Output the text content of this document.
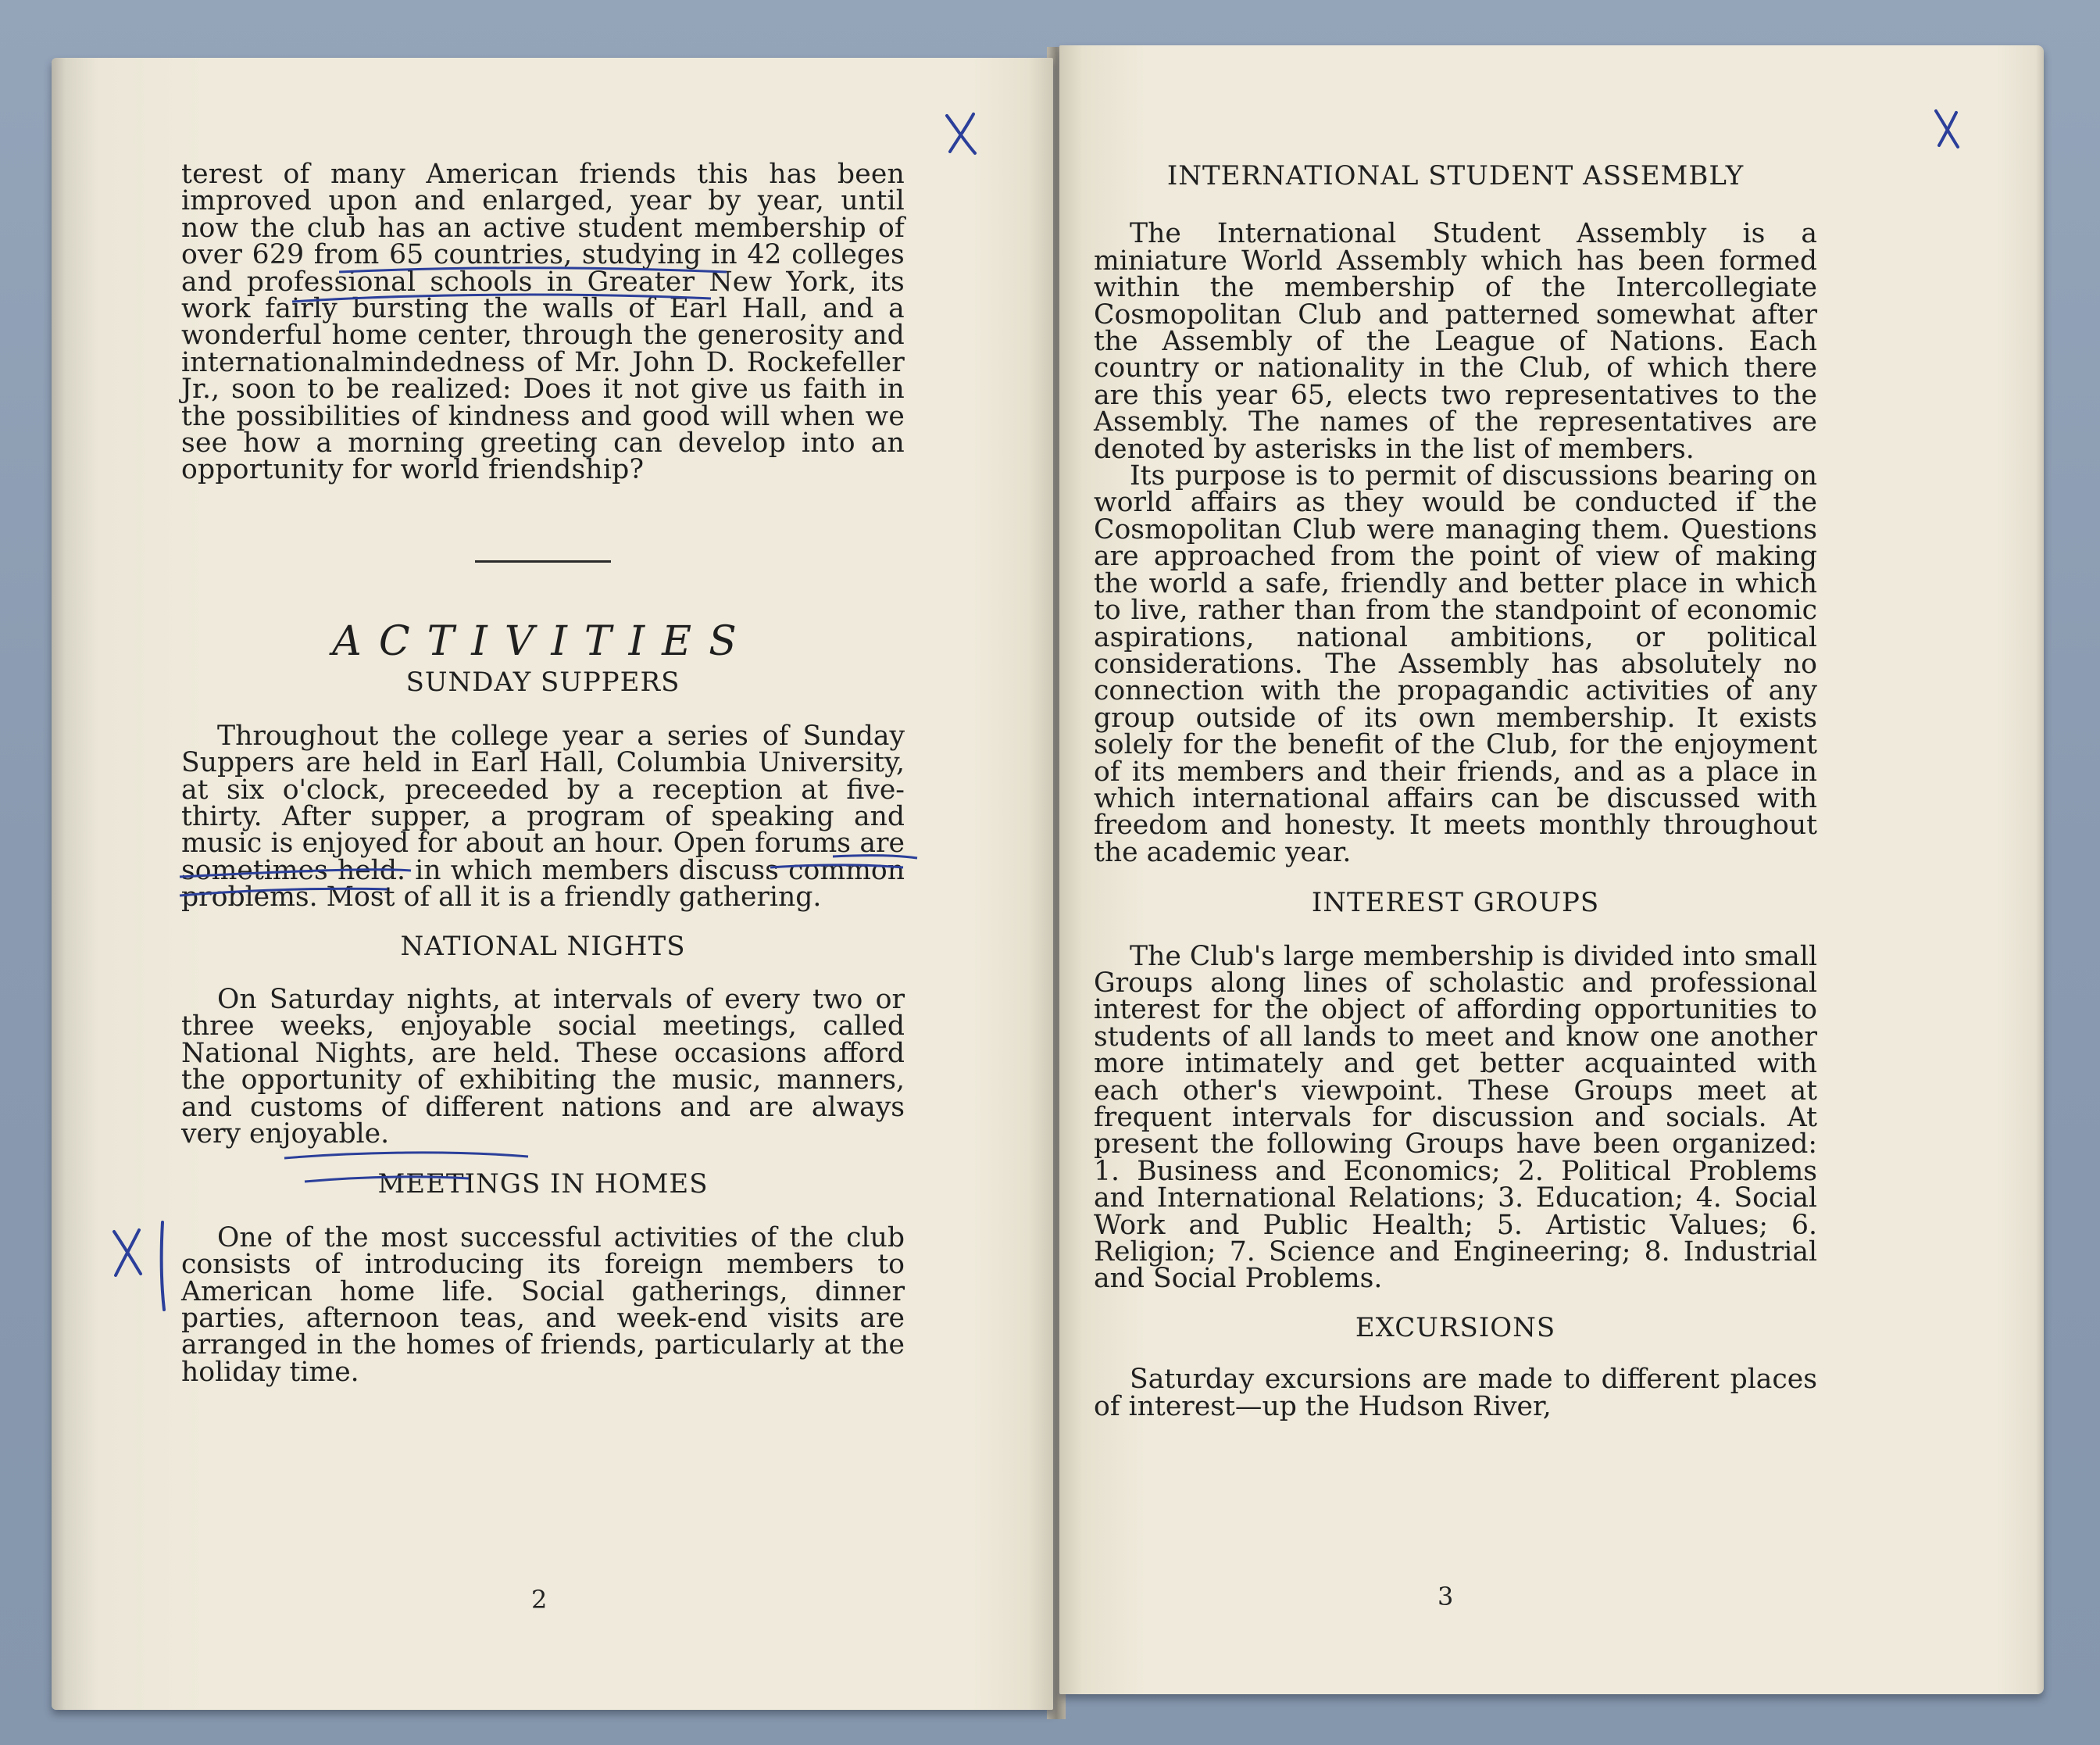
terest of many American friends this has been improved upon and enlarged, year by year, until now the club has an active student membership of over 629 from 65 countries, studying in 42 colleges and professional schools in Greater New York, its work fairly bursting the walls of Earl Hall, and a wonderful home center, through the generosity and internationalmindedness of Mr. John D. Rockefeller Jr., soon to be realized: Does it not give us faith in the possibilities of kindness and good will when we see how a morning greeting can develop into an opportunity for world friendship?

ACTIVITIES
SUNDAY SUPPERS

Throughout the college year a series of Sunday Suppers are held in Earl Hall, Columbia University, at six o'clock, preceeded by a reception at five-thirty. After supper, a program of speaking and music is enjoyed for about an hour. Open forums are sometimes held. in which members discuss common problems. Most of all it is a friendly gathering.

NATIONAL NIGHTS

On Saturday nights, at intervals of every two or three weeks, enjoyable social meetings, called National Nights, are held. These occasions afford the opportunity of exhibiting the music, manners, and customs of different nations and are always very enjoyable.

MEETINGS IN HOMES

One of the most successful activities of the club consists of introducing its foreign members to American home life. Social gatherings, dinner parties, afternoon teas, and week-end visits are arranged in the homes of friends, particularly at the holiday time.

2
INTERNATIONAL STUDENT ASSEMBLY

The International Student Assembly is a miniature World Assembly which has been formed within the membership of the Intercollegiate Cosmopolitan Club and patterned somewhat after the Assembly of the League of Nations. Each country or nationality in the Club, of which there are this year 65, elects two representatives to the Assembly. The names of the representatives are denoted by asterisks in the list of members.

Its purpose is to permit of discussions bearing on world affairs as they would be conducted if the Cosmopolitan Club were managing them. Questions are approached from the point of view of making the world a safe, friendly and better place in which to live, rather than from the standpoint of economic aspirations, national ambitions, or political considerations. The Assembly has absolutely no connection with the propagandic activities of any group outside of its own membership. It exists solely for the benefit of the Club, for the enjoyment of its members and their friends, and as a place in which international affairs can be discussed with freedom and honesty. It meets monthly throughout the academic year.

INTEREST GROUPS

The Club's large membership is divided into small Groups along lines of scholastic and professional interest for the object of affording opportunities to students of all lands to meet and know one another more intimately and get better acquainted with each other's viewpoint. These Groups meet at frequent intervals for discussion and socials. At present the following Groups have been organized: 1. Business and Economics; 2. Political Problems and International Relations; 3. Education; 4. Social Work and Public Health; 5. Artistic Values; 6. Religion; 7. Science and Engineering; 8. Industrial and Social Problems.

EXCURSIONS

Saturday excursions are made to different places of interest—up the Hudson River,

3
